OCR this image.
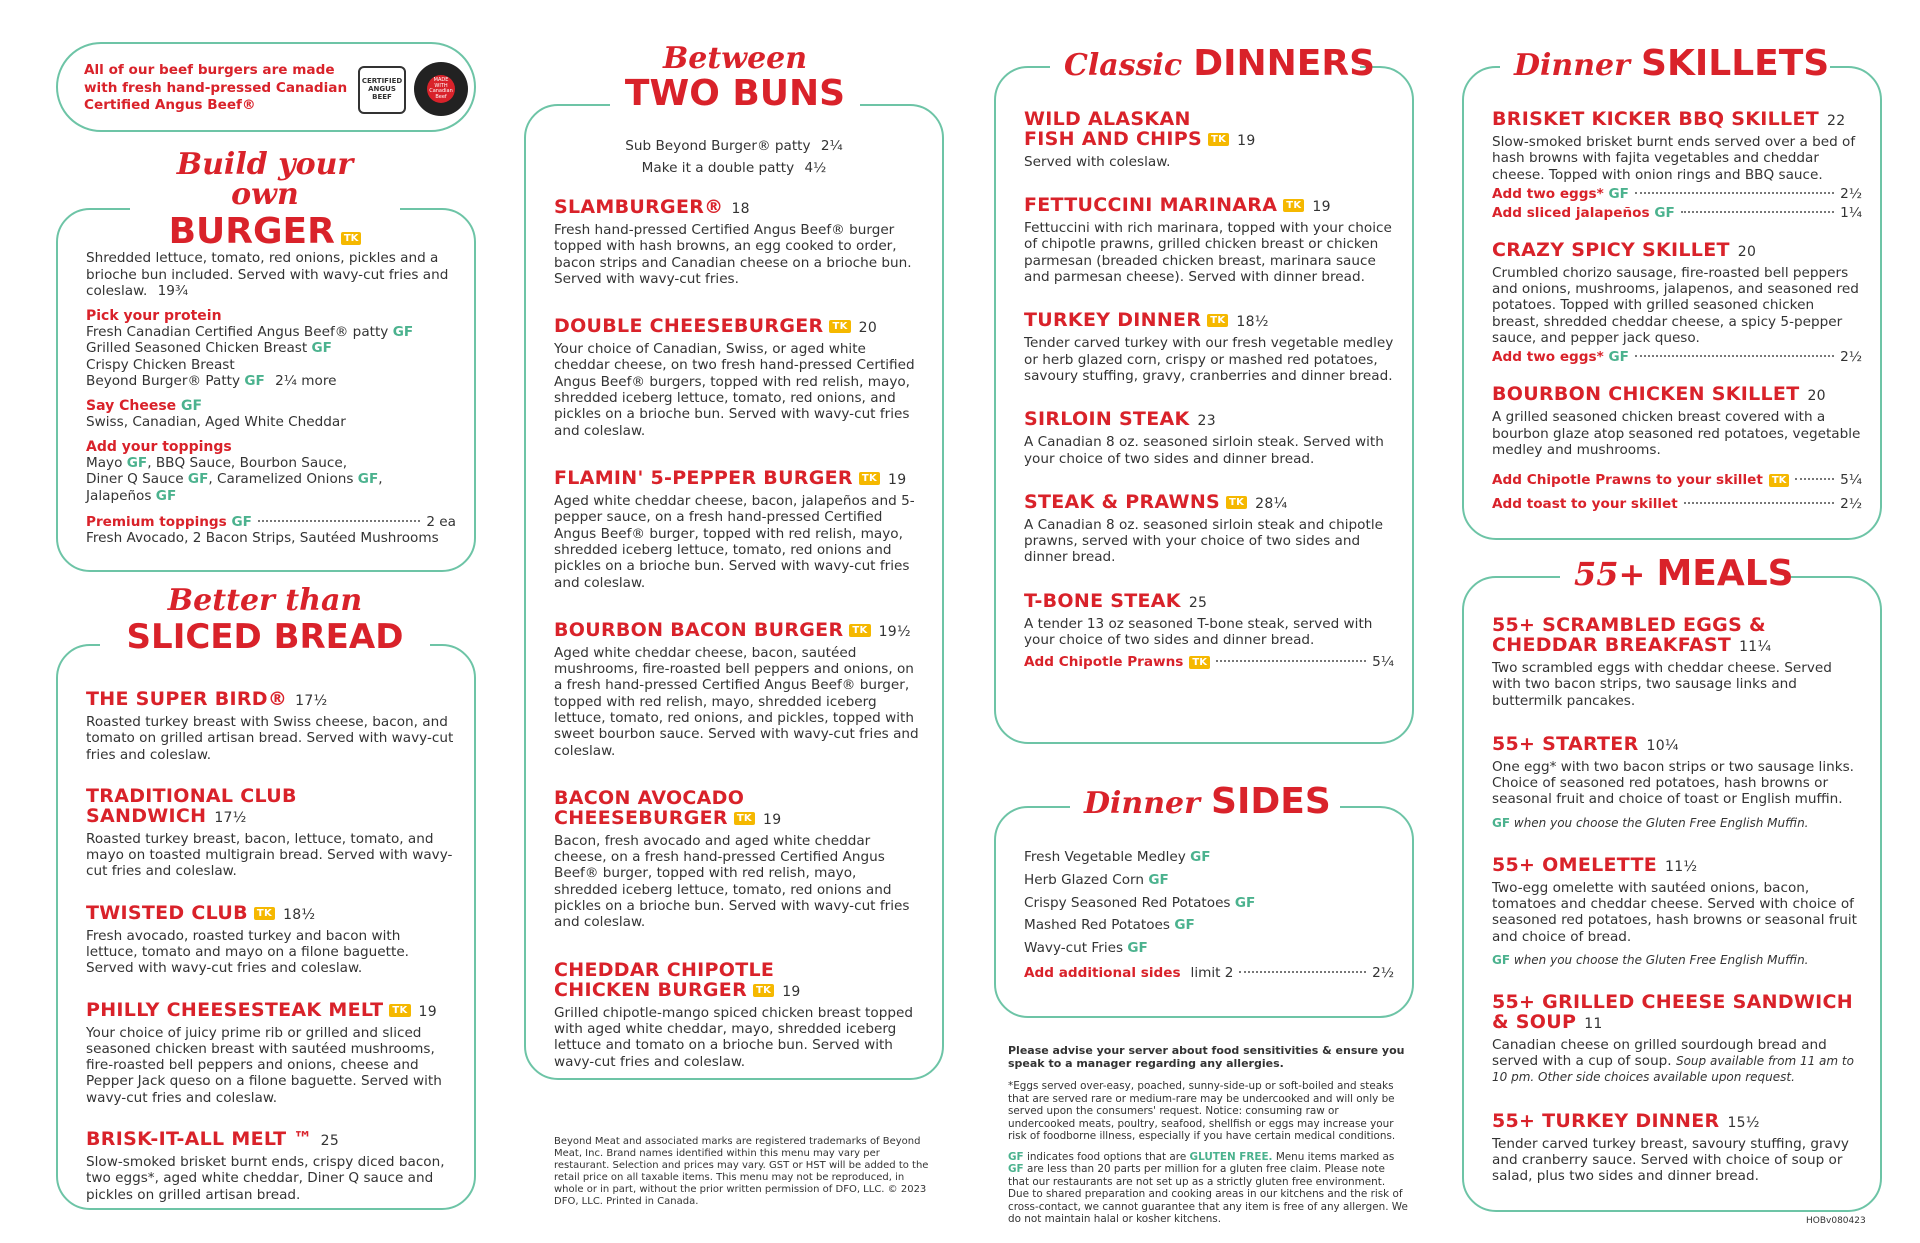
All of our beef burgers are made with fresh hand-pressed Canadian Certified Angus Beef®
CERTIFIED ANGUS BEEF
MADE WITH Canadian Beef
Shredded lettuce, tomato, red onions, pickles and a brioche bun included. Served with wavy-cut fries and coleslaw. 19¾
Pick your protein
Fresh Canadian Certified Angus Beef® patty GF
Grilled Seasoned Chicken Breast GF
Crispy Chicken Breast
Beyond Burger® Patty GF 2¼ more
Say Cheese GF
Swiss, Canadian, Aged White Cheddar
Add your toppings
Mayo GF, BBQ Sauce, Bourbon Sauce,
Diner Q Sauce GF, Caramelized Onions GF,
Jalapeños GF
Premium toppings GF	2 ea
Fresh Avocado, 2 Bacon Strips, Sautéed Mushrooms
Build your own
BURGER TK
THE SUPER BIRD® 17½
Roasted turkey breast with Swiss cheese, bacon, and tomato on grilled artisan bread. Served with wavy-cut fries and coleslaw.
TRADITIONAL CLUB SANDWICH 17½
Roasted turkey breast, bacon, lettuce, tomato, and mayo on toasted multigrain bread. Served with wavy-cut fries and coleslaw.
TWISTED CLUB TK 18½
Fresh avocado, roasted turkey and bacon with lettuce, tomato and mayo on a filone baguette. Served with wavy-cut fries and coleslaw.
PHILLY CHEESESTEAK MELT TK 19
Your choice of juicy prime rib or grilled and sliced seasoned chicken breast with sautéed mushrooms, fire-roasted bell peppers and onions, cheese and Pepper Jack queso on a filone baguette. Served with wavy-cut fries and coleslaw.
BRISK-IT-ALL MELT ™ 25
Slow-smoked brisket burnt ends, crispy diced bacon, two eggs*, aged white cheddar, Diner Q sauce and pickles on grilled artisan bread.
Better than
SLICED BREAD
Sub Beyond Burger® patty 2¼
Make it a double patty 4½
SLAMBURGER® 18
Fresh hand-pressed Certified Angus Beef® burger topped with hash browns, an egg cooked to order, bacon strips and Canadian cheese on a brioche bun. Served with wavy-cut fries.
DOUBLE CHEESEBURGER TK 20
Your choice of Canadian, Swiss, or aged white cheddar cheese, on two fresh hand-pressed Certified Angus Beef® burgers, topped with red relish, mayo, shredded iceberg lettuce, tomato, red onions, and pickles on a brioche bun. Served with wavy-cut fries and coleslaw.
FLAMIN' 5-PEPPER BURGER TK 19
Aged white cheddar cheese, bacon, jalapeños and 5-pepper sauce, on a fresh hand-pressed Certified Angus Beef® burger, topped with red relish, mayo, shredded iceberg lettuce, tomato, red onions and pickles on a brioche bun. Served with wavy-cut fries and coleslaw.
BOURBON BACON BURGER TK 19½
Aged white cheddar cheese, bacon, sautéed mushrooms, fire-roasted bell peppers and onions, on a fresh hand-pressed Certified Angus Beef® burger, topped with red relish, mayo, shredded iceberg lettuce, tomato, red onions, and pickles, topped with sweet bourbon sauce. Served with wavy-cut fries and coleslaw.
BACON AVOCADO
CHEESEBURGER TK 19
Bacon, fresh avocado and aged white cheddar cheese, on a fresh hand-pressed Certified Angus Beef® burger, topped with red relish, mayo, shredded iceberg lettuce, tomato, red onions and pickles on a brioche bun. Served with wavy-cut fries and coleslaw.
CHEDDAR CHIPOTLE
CHICKEN BURGER TK 19
Grilled chipotle-mango spiced chicken breast topped with aged white cheddar, mayo, shredded iceberg lettuce and tomato on a brioche bun. Served with wavy-cut fries and coleslaw.
Between
TWO BUNS
Beyond Meat and associated marks are registered trademarks of Beyond Meat, Inc. Brand names identified within this menu may vary per restaurant. Selection and prices may vary. GST or HST will be added to the retail price on all taxable items. This menu may not be reproduced, in whole or in part, without the prior written permission of DFO, LLC. © 2023 DFO, LLC. Printed in Canada.
WILD ALASKAN
FISH AND CHIPS TK 19
Served with coleslaw.
FETTUCCINI MARINARA TK 19
Fettuccini with rich marinara, topped with your choice of chipotle prawns, grilled chicken breast or chicken parmesan (breaded chicken breast, marinara sauce and parmesan cheese). Served with dinner bread.
TURKEY DINNER TK 18½
Tender carved turkey with our fresh vegetable medley or herb glazed corn, crispy or mashed red potatoes, savoury stuffing, gravy, cranberries and dinner bread.
SIRLOIN STEAK 23
A Canadian 8 oz. seasoned sirloin steak. Served with your choice of two sides and dinner bread.
STEAK & PRAWNS TK 28¼
A Canadian 8 oz. seasoned sirloin steak and chipotle prawns, served with your choice of two sides and dinner bread.
T-BONE STEAK 25
A tender 13 oz seasoned T-bone steak, served with your choice of two sides and dinner bread.
Add Chipotle Prawns TK	5¼
Classic DINNERS
Fresh Vegetable Medley GF
Herb Glazed Corn GF
Crispy Seasoned Red Potatoes GF
Mashed Red Potatoes GF
Wavy-cut Fries GF
Add additional sides limit 2	2½
Dinner SIDES
Please advise your server about food sensitivities & ensure you speak to a manager regarding any allergies.
*Eggs served over-easy, poached, sunny-side-up or soft-boiled and steaks that are served rare or medium-rare may be undercooked and will only be served upon the consumers' request. Notice: consuming raw or undercooked meats, poultry, seafood, shellfish or eggs may increase your risk of foodborne illness, especially if you have certain medical conditions.
GF indicates food options that are GLUTEN FREE. Menu items marked as GF are less than 20 parts per million for a gluten free claim. Please note that our restaurants are not set up as a strictly gluten free environment. Due to shared preparation and cooking areas in our kitchens and the risk of cross-contact, we cannot guarantee that any item is free of any allergen. We do not maintain halal or kosher kitchens.
BRISKET KICKER BBQ SKILLET 22
Slow-smoked brisket burnt ends served over a bed of hash browns with fajita vegetables and cheddar cheese. Topped with onion rings and BBQ sauce.
Add two eggs* GF	2½
Add sliced jalapeños GF	1¼
CRAZY SPICY SKILLET 20
Crumbled chorizo sausage, fire-roasted bell peppers and onions, mushrooms, jalapenos, and seasoned red potatoes. Topped with grilled seasoned chicken breast, shredded cheddar cheese, a spicy 5-pepper sauce, and pepper jack queso.
Add two eggs* GF	2½
BOURBON CHICKEN SKILLET 20
A grilled seasoned chicken breast covered with a bourbon glaze atop seasoned red potatoes, vegetable medley and mushrooms.
Add Chipotle Prawns to your skillet TK	5¼
Add toast to your skillet	2½
Dinner SKILLETS
55+ SCRAMBLED EGGS &
CHEDDAR BREAKFAST 11¼
Two scrambled eggs with cheddar cheese. Served with two bacon strips, two sausage links and buttermilk pancakes.
55+ STARTER 10¼
One egg* with two bacon strips or two sausage links. Choice of seasoned red potatoes, hash browns or seasonal fruit and choice of toast or English muffin.
GF when you choose the Gluten Free English Muffin.
55+ OMELETTE 11½
Two-egg omelette with sautéed onions, bacon, tomatoes and cheddar cheese. Served with choice of seasoned red potatoes, hash browns or seasonal fruit and choice of bread.
GF when you choose the Gluten Free English Muffin.
55+ GRILLED CHEESE SANDWICH
& SOUP 11
Canadian cheese on grilled sourdough bread and served with a cup of soup. Soup available from 11 am to 10 pm. Other side choices available upon request.
55+ TURKEY DINNER 15½
Tender carved turkey breast, savoury stuffing, gravy and cranberry sauce. Served with choice of soup or salad, plus two sides and dinner bread.
55+ MEALS
HOBv080423
